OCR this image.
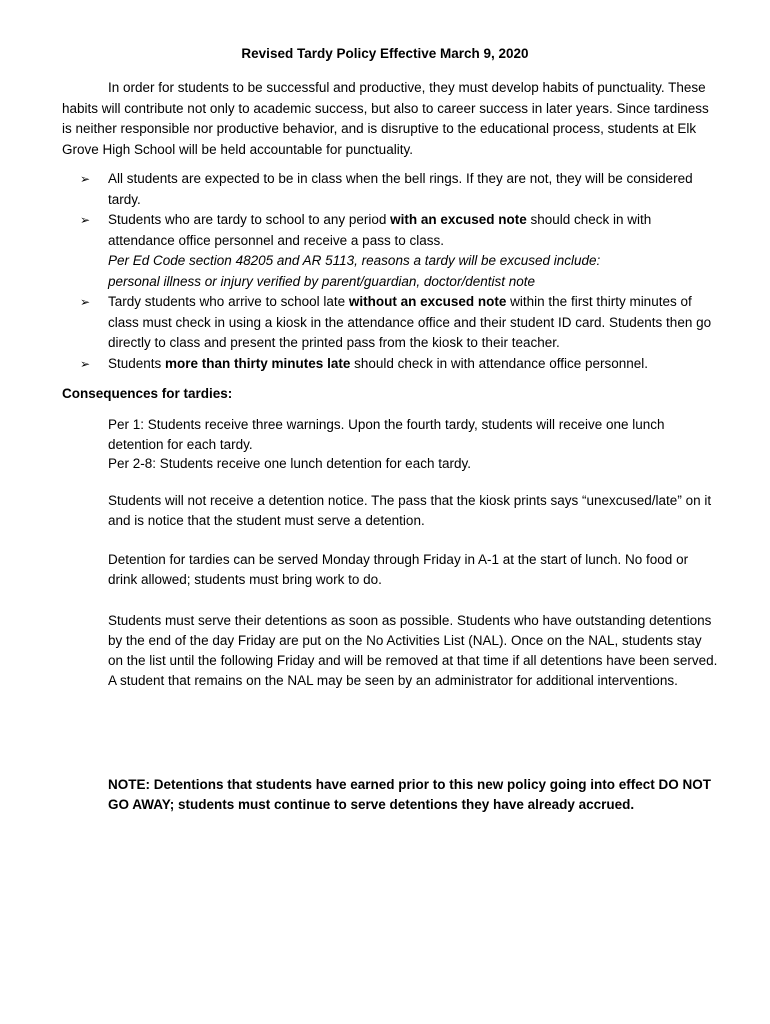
Revised Tardy Policy Effective March 9, 2020

In order for students to be successful and productive, they must develop habits of punctuality. These habits will contribute not only to academic success, but also to career success in later years. Since tardiness is neither responsible nor productive behavior, and is disruptive to the educational process, students at Elk Grove High School will be held accountable for punctuality.

➢	All students are expected to be in class when the bell rings. If they are not, they will be considered tardy.
➢	Students who are tardy to school to any period with an excused note should check in with attendance office personnel and receive a pass to class.
Per Ed Code section 48205 and AR 5113, reasons a tardy will be excused include:
personal illness or injury verified by parent/guardian, doctor/dentist note
➢	Tardy students who arrive to school late without an excused note within the first thirty minutes of class must check in using a kiosk in the attendance office and their student ID card. Students then go directly to class and present the printed pass from the kiosk to their teacher.
➢	Students more than thirty minutes late should check in with attendance office personnel.
Consequences for tardies:

Per 1: Students receive three warnings. Upon the fourth tardy, students will receive one lunch detention for each tardy.

Per 2-8: Students receive one lunch detention for each tardy.

Students will not receive a detention notice. The pass that the kiosk prints says “unexcused/late” on it and is notice that the student must serve a detention.

Detention for tardies can be served Monday through Friday in A-1 at the start of lunch. No food or drink allowed; students must bring work to do.

Students must serve their detentions as soon as possible. Students who have outstanding detentions by the end of the day Friday are put on the No Activities List (NAL). Once on the NAL, students stay on the list until the following Friday and will be removed at that time if all detentions have been served. A student that remains on the NAL may be seen by an administrator for additional interventions.

NOTE: Detentions that students have earned prior to this new policy going into effect DO NOT GO AWAY; students must continue to serve detentions they have already accrued.
